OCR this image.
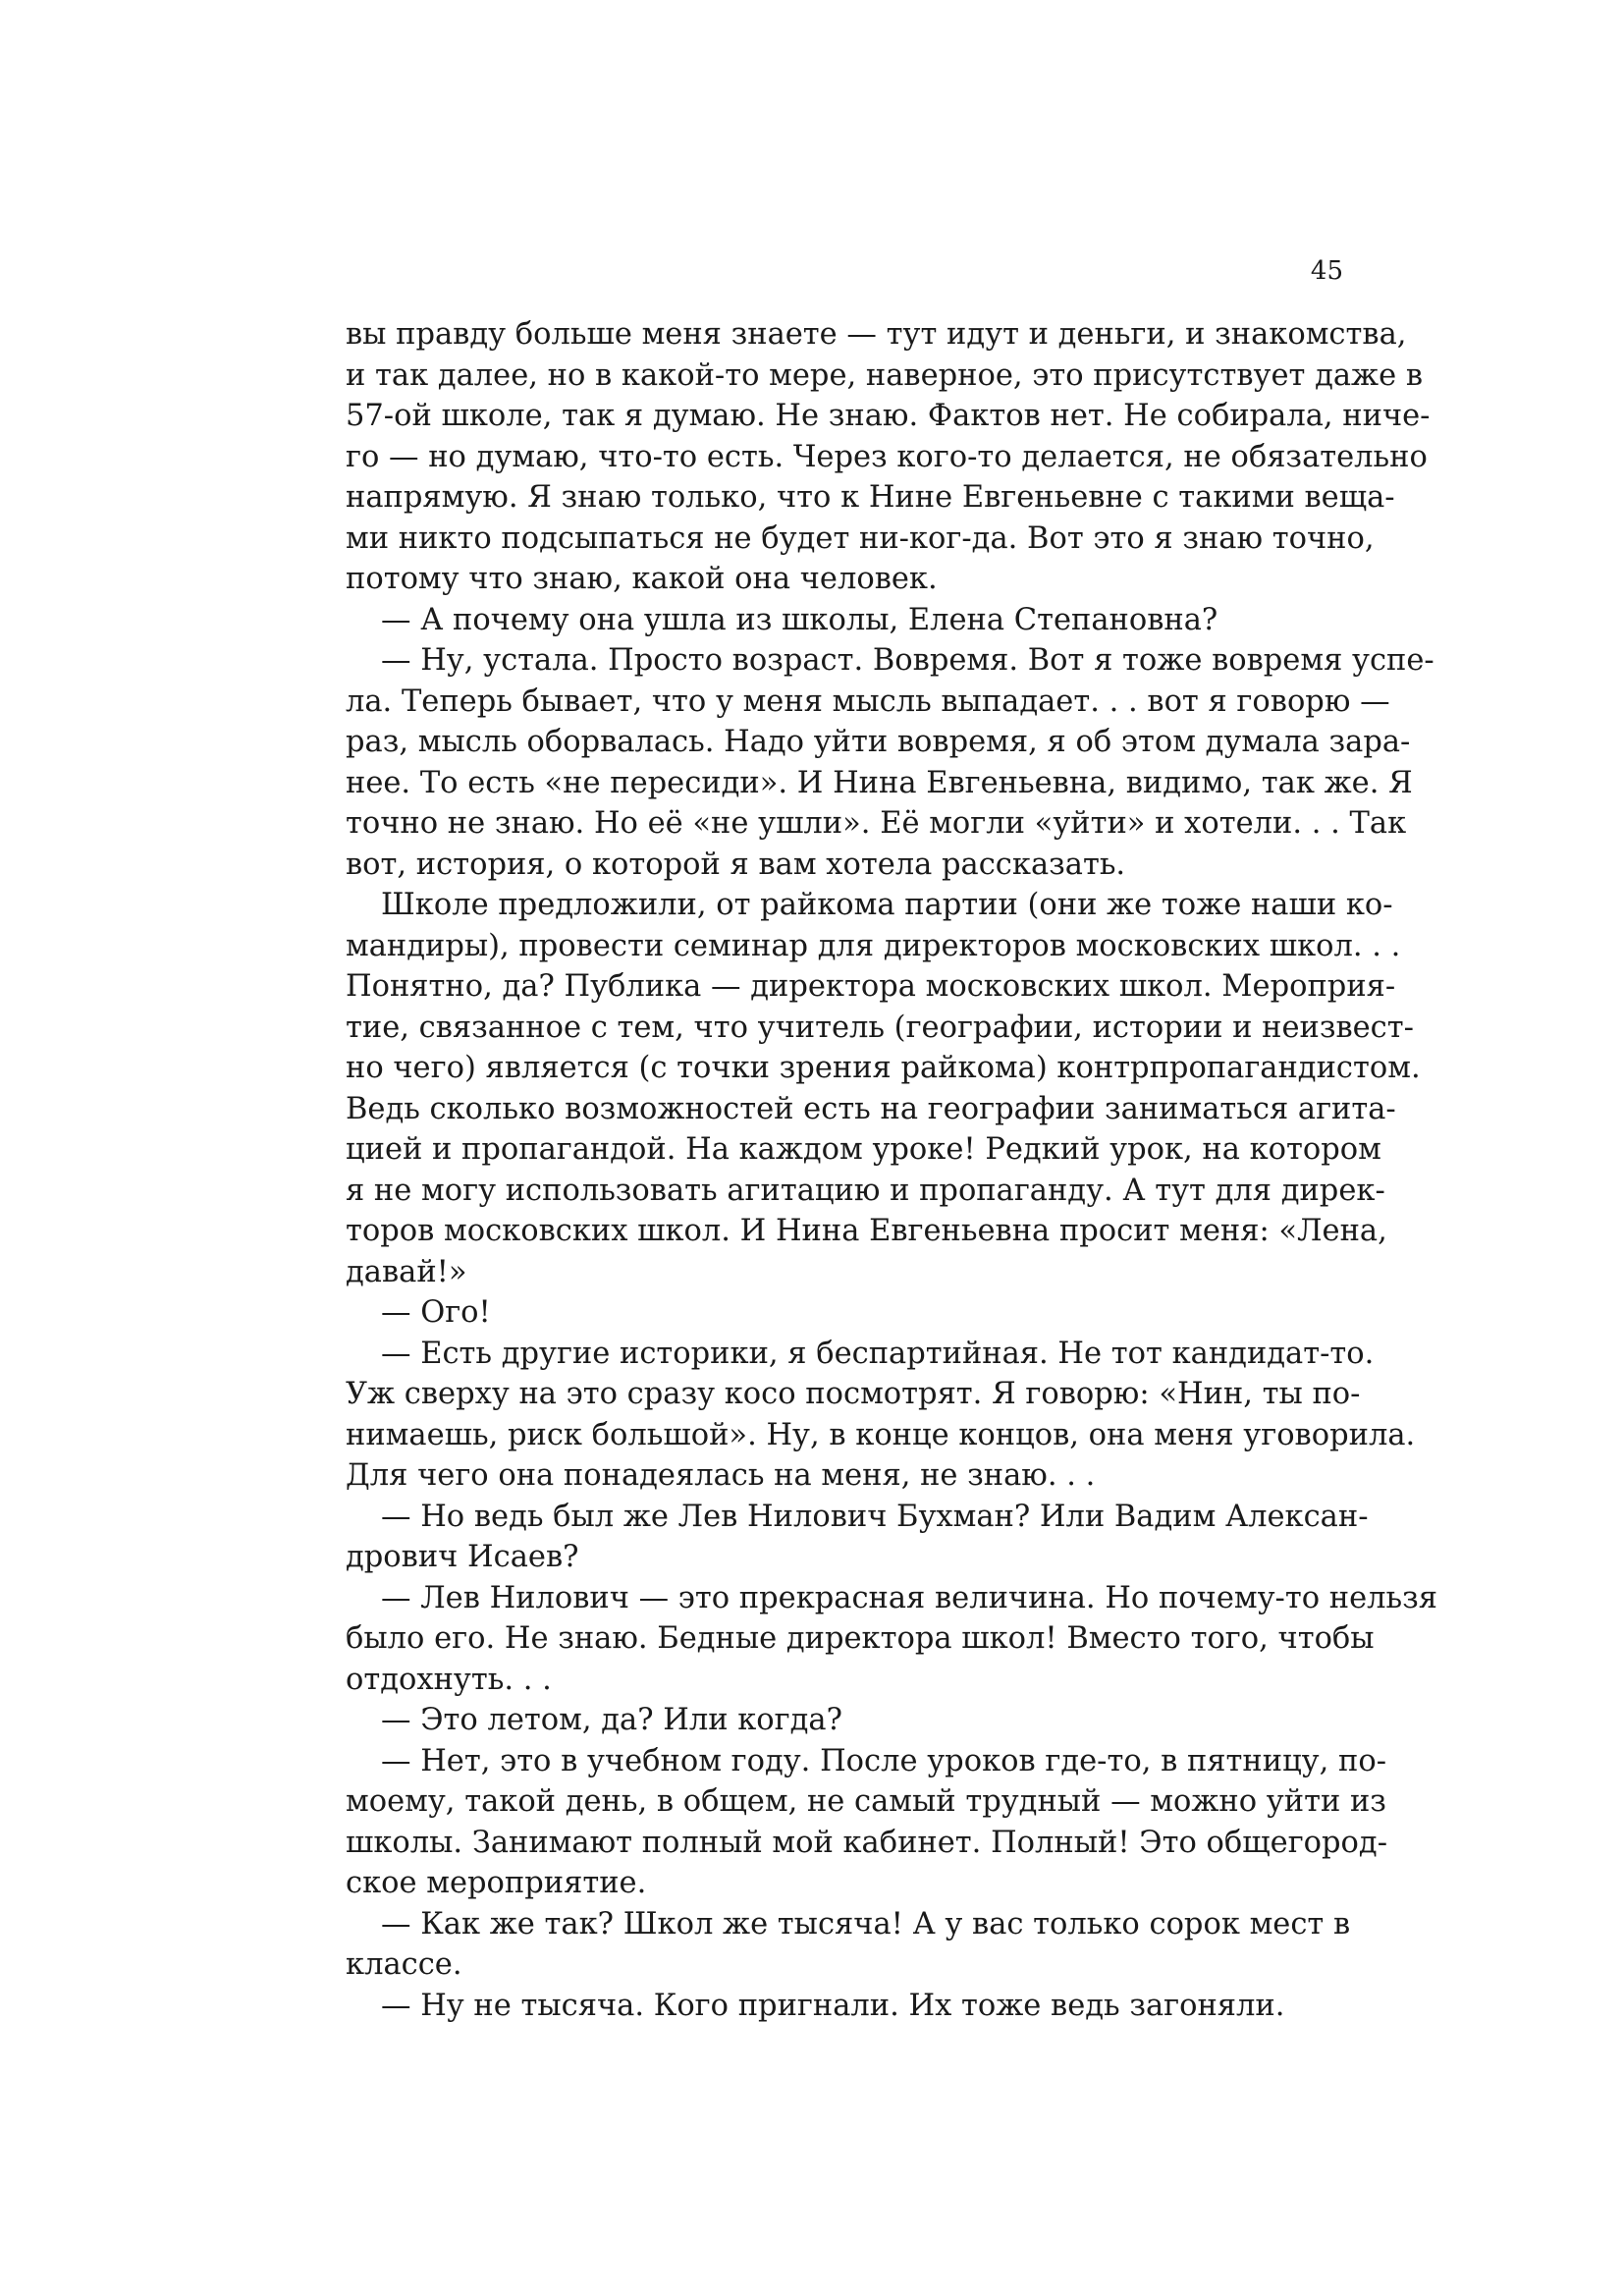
45
вы правду больше меня знаете — тут идут и деньги, и знакомства,
и так далее, но в какой-то мере, наверное, это присутствует даже в
57-ой школе, так я думаю. Не знаю. Фактов нет. Не собирала, ниче-
го — но думаю, что-то есть. Через кого-то делается, не обязательно
напрямую. Я знаю только, что к Нине Евгеньевне с такими веща-
ми никто подсыпаться не будет ни-ког-да. Вот это я знаю точно,
потому что знаю, какой она человек.
— А почему она ушла из школы, Елена Степановна?
— Ну, устала. Просто возраст. Вовремя. Вот я тоже вовремя успе-
ла. Теперь бывает, что у меня мысль выпадает. . . вот я говорю —
раз, мысль оборвалась. Надо уйти вовремя, я об этом думала зара-
нее. То есть «не пересиди». И Нина Евгеньевна, видимо, так же. Я
точно не знаю. Но её «не ушли». Её могли «уйти» и хотели. . . Так
вот, история, о которой я вам хотела рассказать.
Школе предложили, от райкома партии (они же тоже наши ко-
мандиры), провести семинар для директоров московских школ. . .
Понятно, да? Публика — директора московских школ. Мероприя-
тие, связанное с тем, что учитель (географии, истории и неизвест-
но чего) является (с точки зрения райкома) контрпропагандистом.
Ведь сколько возможностей есть на географии заниматься агита-
цией и пропагандой. На каждом уроке! Редкий урок, на котором
я не могу использовать агитацию и пропаганду. А тут для дирек-
торов московских школ. И Нина Евгеньевна просит меня: «Лена,
давай!»
— Ого!
— Есть другие историки, я беспартийная. Не тот кандидат-то.
Уж сверху на это сразу косо посмотрят. Я говорю: «Нин, ты по-
нимаешь, риск большой». Ну, в конце концов, она меня уговорила.
Для чего она понадеялась на меня, не знаю. . .
— Но ведь был же Лев Нилович Бухман? Или Вадим Алексан-
дрович Исаев?
— Лев Нилович — это прекрасная величина. Но почему-то нельзя
было его. Не знаю. Бедные директора школ! Вместо того, чтобы
отдохнуть. . .
— Это летом, да? Или когда?
— Нет, это в учебном году. После уроков где-то, в пятницу, по-
моему, такой день, в общем, не самый трудный — можно уйти из
школы. Занимают полный мой кабинет. Полный! Это общегород-
ское мероприятие.
— Как же так? Школ же тысяча! А у вас только сорок мест в
классе.
— Ну не тысяча. Кого пригнали. Их тоже ведь загоняли.
